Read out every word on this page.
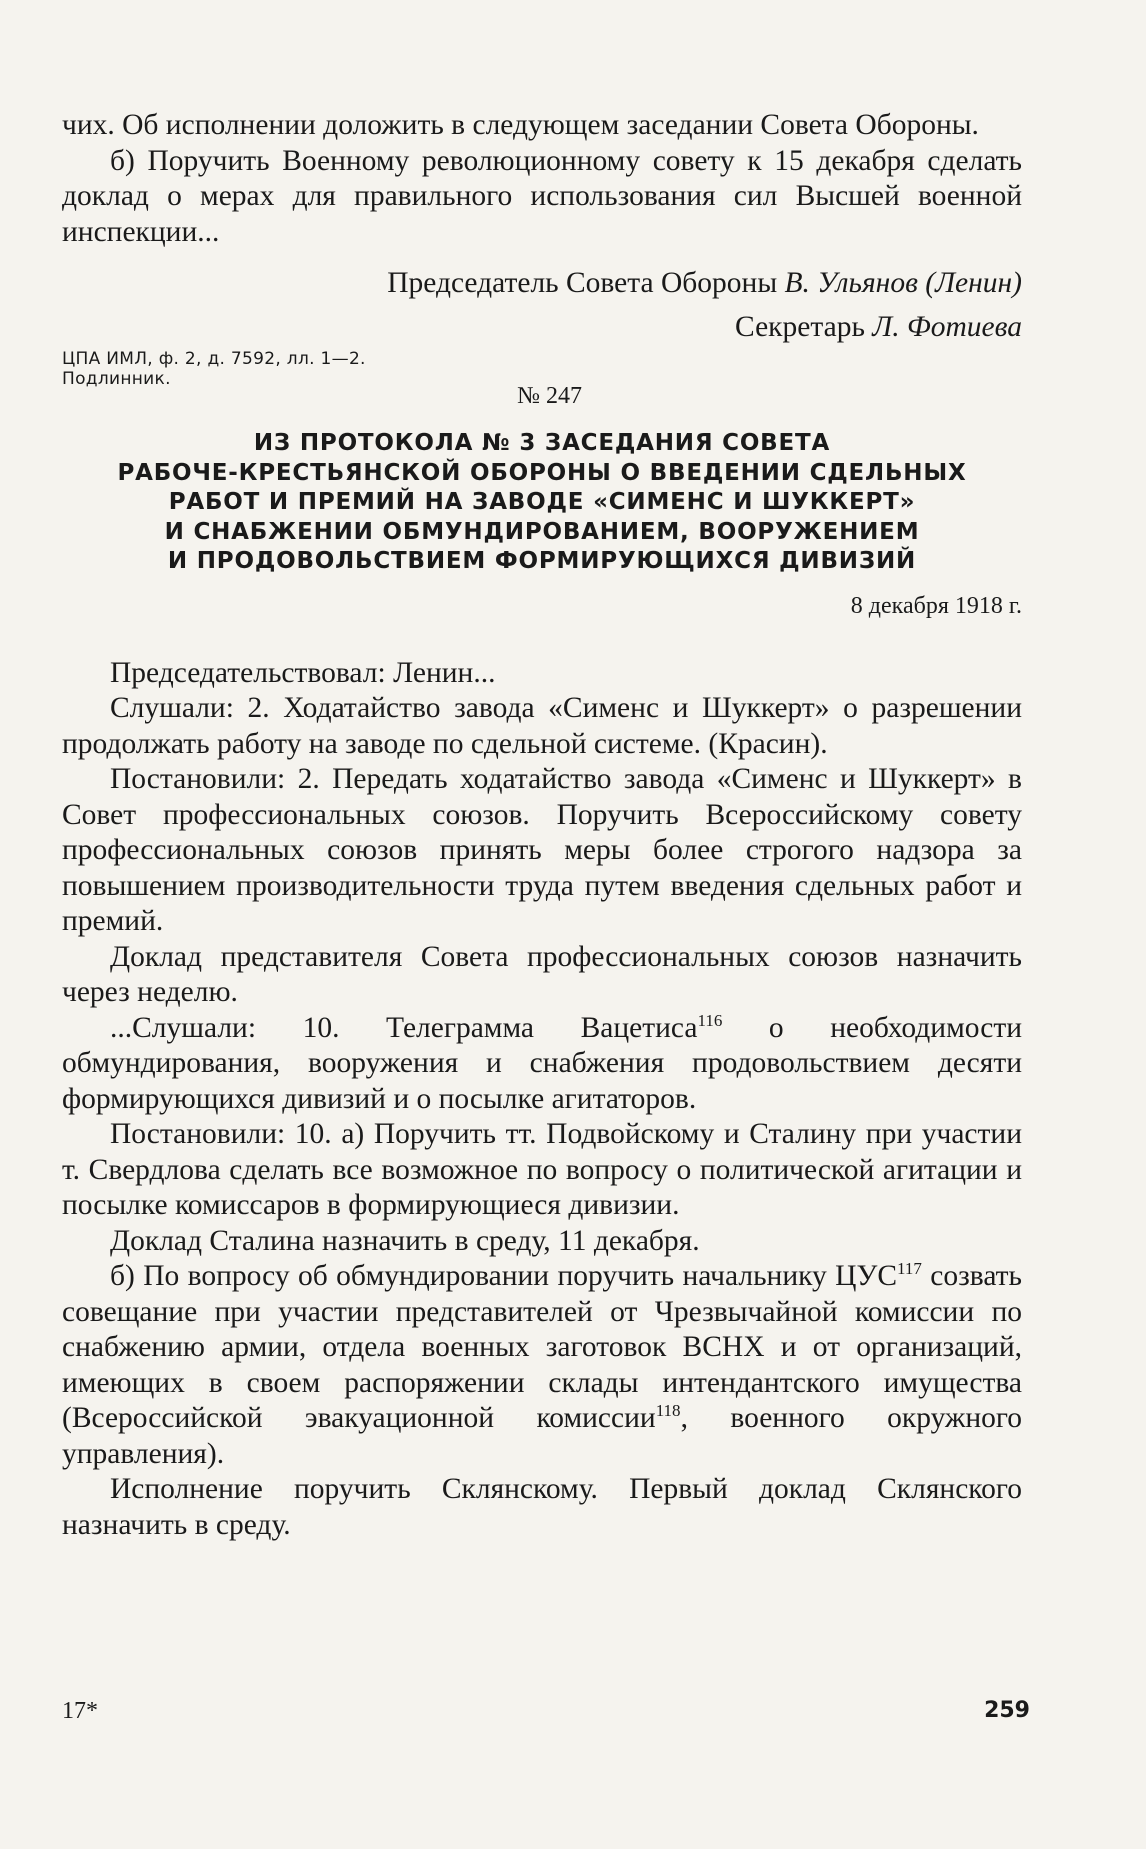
чих. Об исполнении доложить в следующем заседании Совета Обороны.

б) Поручить Военному революционному совету к 15 декабря сделать доклад о мерах для правильного использования сил Высшей военной инспекции...

Председатель Совета Обороны В. Ульянов (Ленин)

Секретарь Л. Фотиева

ЦПА ИМЛ, ф. 2, д. 7592, лл. 1—2.
Подлинник.
№ 247
ИЗ ПРОТОКОЛА № 3 ЗАСЕДАНИЯ СОВЕТА
РАБОЧЕ-КРЕСТЬЯНСКОЙ ОБОРОНЫ О ВВЕДЕНИИ СДЕЛЬНЫХ
РАБОТ И ПРЕМИЙ НА ЗАВОДЕ «СИМЕНС И ШУККЕРТ»
И СНАБЖЕНИИ ОБМУНДИРОВАНИЕМ, ВООРУЖЕНИЕМ
И ПРОДОВОЛЬСТВИЕМ ФОРМИРУЮЩИХСЯ ДИВИЗИЙ
8 декабря 1918 г.

Председательствовал: Ленин...

Слушали: 2. Ходатайство завода «Сименс и Шуккерт» о разрешении продолжать работу на заводе по сдельной системе. (Красин).

Постановили: 2. Передать ходатайство завода «Сименс и Шуккерт» в Совет профессиональных союзов. Поручить Всероссийскому совету профессиональных союзов принять меры более строгого надзора за повышением производительности труда путем введения сдельных работ и премий.

Доклад представителя Совета профессиональных союзов назначить через неделю.

...Слушали: 10. Телеграмма Вацетиса$^{116}$ о необходимости обмундирования, вооружения и снабжения продовольствием десяти формирующихся дивизий и о посылке агитаторов.

Постановили: 10. а) Поручить тт. Подвойскому и Сталину при участии т. Свердлова сделать все возможное по вопросу о политической агитации и посылке комиссаров в формирующиеся дивизии.

Доклад Сталина назначить в среду, 11 декабря.

б) По вопросу об обмундировании поручить начальнику ЦУС$^{117}$ созвать совещание при участии представителей от Чрезвычайной комиссии по снабжению армии, отдела военных заготовок ВСНХ и от организаций, имеющих в своем распоряжении склады интендантского имущества (Всероссийской эвакуационной комиссии$^{118}$, военного окружного управления).

Исполнение поручить Склянскому. Первый доклад Склянского назначить в среду.

17*	259
